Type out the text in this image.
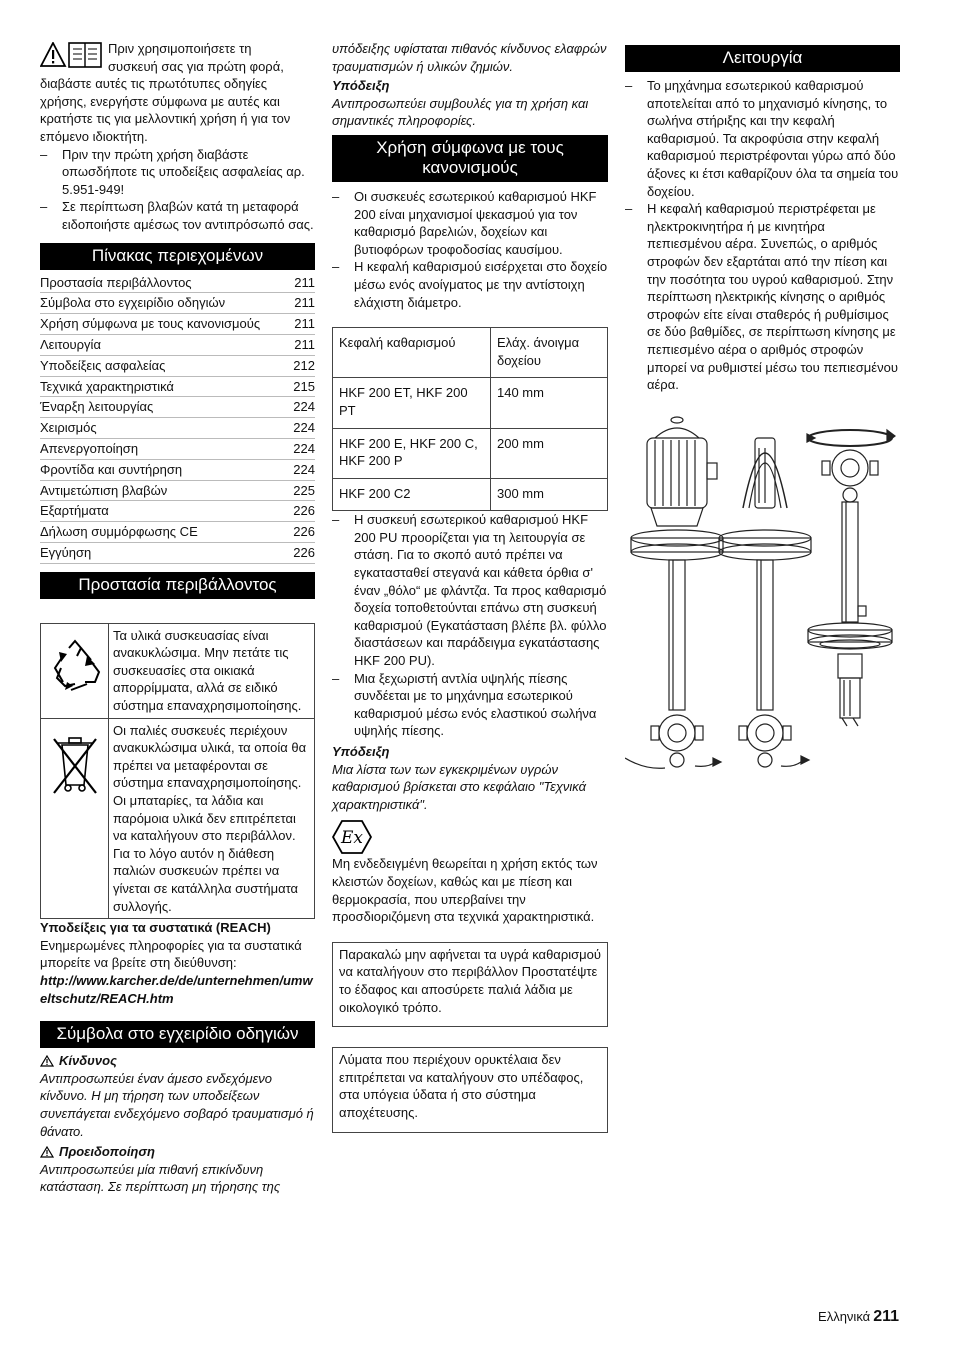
Πριν χρησιμοποιήσετε τη

συσκευή σας για πρώτη φορά,

διαβάστε αυτές τις πρωτότυπες οδηγίες χρήσης, ενεργήστε σύμφωνα με αυτές και κρατήστε τις για μελλοντική χρήση ή για τον επόμενο ιδιοκτήτη.

–	Πριν την πρώτη χρήση διαβάστε οπωσδήποτε τις υποδείξεις ασφαλείας αρ. 5.951-949!
–	Σε περίπτωση βλαβών κατά τη μεταφορά ειδοποιήστε αμέσως τον αντιπρόσωπό σας.
Πίνακας περιεχομένων
Προστασία περιβάλλοντος	211
Σύμβολα στο εγχειρίδιο οδηγιών	211
Χρήση σύμφωνα με τους κανονισμούς	211
Λειτουργία	211
Υποδείξεις ασφαλείας	212
Τεχνικά χαρακτηριστικά	215
Έναρξη λειτουργίας	224
Χειρισμός	224
Απενεργοποίηση	224
Φροντίδα και συντήρηση	224
Αντιμετώπιση βλαβών	225
Εξαρτήματα	226
Δήλωση συμμόρφωσης CE	226
Εγγύηση	226
Προστασία περιβάλλοντος
	Τα υλικά συσκευασίας είναι ανακυκλώσιμα. Μην πετάτε τις συσκευασίες στα οικιακά απορρίμματα, αλλά σε ειδικό σύστημα επαναχρησιμοποίησης.
	Οι παλιές συσκευές περιέχουν ανακυκλώσιμα υλικά, τα οποία θα πρέπει να μεταφέρονται σε σύστημα επαναχρησιμοποίησης. Οι μπαταρίες, τα λάδια και παρόμοια υλικά δεν επιτρέπεται να καταλήγουν στο περιβάλλον. Για το λόγο αυτόν η διάθεση παλιών συσκευών πρέπει να γίνεται σε κατάλληλα συστήματα συλλογής.

Υποδείξεις για τα συστατικά (REACH)

Ενημερωμένες πληροφορίες για τα συστατικά μπορείτε να βρείτε στη διεύθυνση:

http://www.karcher.de/de/unternehmen/umweltschutz/REACH.htm

Σύμβολα στο εγχειρίδιο οδηγιών
Κίνδυνος

Αντιπροσωπεύει έναν άμεσο ενδεχόμενο κίνδυνο. Η μη τήρηση των υποδείξεων συνεπάγεται ενδεχόμενο σοβαρό τραυματισμό ή θάνατο.

Προειδοποίηση

Αντιπροσωπεύει μία πιθανή επικίνδυνη κατάσταση. Σε περίπτωση μη τήρησης της

υπόδειξης υφίσταται πιθανός κίνδυνος ελαφρών τραυματισμών ή υλικών ζημιών.

Υπόδειξη

Αντιπροσωπεύει συμβουλές για τη χρήση και σημαντικές πληροφορίες.

Χρήση σύμφωνα με τους κανονισμούς
–	Οι συσκευές εσωτερικού καθαρισμού HKF 200 είναι μηχανισμοί ψεκασμού για τον καθαρισμό βαρελιών, δοχείων και βυτιοφόρων τροφοδοσίας καυσίμου.
–	Η κεφαλή καθαρισμού εισέρχεται στο δοχείο μέσω ενός ανοίγματος με την αντίστοιχη ελάχιστη διάμετρο.
Κεφαλή καθαρισμού	Ελάχ. άνοιγμα δοχείου
HKF 200 ET, HKF 200 PT	140 mm
HKF 200 E, HKF 200 C, HKF 200 P	200 mm
HKF 200 C2	300 mm
–	Η συσκευή εσωτερικού καθαρισμού HKF 200 PU προορίζεται για τη λειτουργία σε στάση. Για το σκοπό αυτό πρέπει να εγκατασταθεί στεγανά και κάθετα όρθια σ' έναν „θόλο“ με φλάντζα. Τα προς καθαρισμό δοχεία τοποθετούνται επάνω στη συσκευή καθαρισμού (Εγκατάσταση βλέπε βλ. φύλλο διαστάσεων και παράδειγμα εγκατάστασης HKF 200 PU).
–	Μια ξεχωριστή αντλία υψηλής πίεσης συνδέεται με το μηχάνημα εσωτερικού καθαρισμού μέσω ενός ελαστικού σωλήνα υψηλής πίεσης.

Υπόδειξη

Μια λίστα των των εγκεκριμένων υγρών καθαρισμού βρίσκεται στο κεφάλαιο "Τεχνικά χαρακτηριστικά".

Ex

Μη ενδεδειγμένη θεωρείται η χρήση εκτός των κλειστών δοχείων, καθώς και με πίεση και θερμοκρασία, που υπερβαίνει την προσδιοριζόμενη στα τεχνικά χαρακτηριστικά.

Παρακαλώ μην αφήνεται τα υγρά καθαρισμού να καταλήγουν στο περιβάλλον Προστατέψτε το έδαφος και αποσύρετε παλιά λάδια με οικολογικό τρόπο.

Λύματα που περιέχουν ορυκτέλαια δεν επιτρέπεται να καταλήγουν στο υπέδαφος, στα υπόγεια ύδατα ή στο σύστημα αποχέτευσης.

Λειτουργία
–	Το μηχάνημα εσωτερικού καθαρισμού αποτελείται από το μηχανισμό κίνησης, το σωλήνα στήριξης και την κεφαλή καθαρισμού. Τα ακροφύσια στην κεφαλή καθαρισμού περιστρέφονται γύρω από δύο άξονες κι έτσι καθαρίζουν όλα τα σημεία του δοχείου.
–	Η κεφαλή καθαρισμού περιστρέφεται με ηλεκτροκινητήρα ή με κινητήρα πεπιεσμένου αέρα. Συνεπώς, ο αριθμός στροφών δεν εξαρτάται από την πίεση και την ποσότητα του υγρού καθαρισμού. Στην περίπτωση ηλεκτρικής κίνησης ο αριθμός στροφών είτε είναι σταθερός ή ρυθμίσιμος σε δύο βαθμίδες, σε περίπτωση κίνησης με πεπιεσμένο αέρα ο αριθμός στροφών μπορεί να ρυθμιστεί μέσω του πεπιεσμένου αέρα.
Ελληνικά 211
